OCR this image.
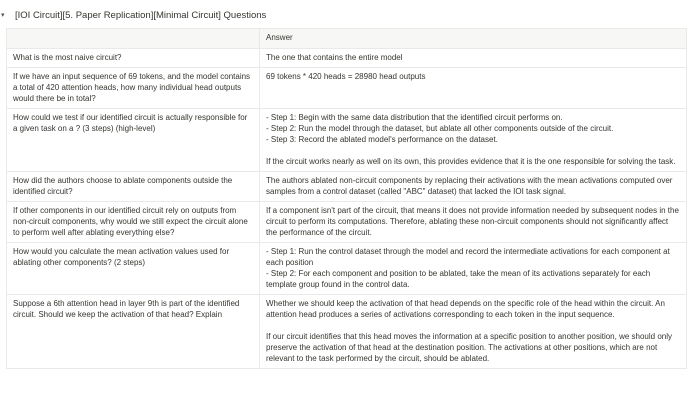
▾	[IOI Circuit][5. Paper Replication][Minimal Circuit] Questions
	Answer
What is the most naive circuit?	The one that contains the entire model

If we have an input sequence of 69 tokens, and the model contains a total of 420 attention heads, how many individual head outputs would there be in total?	69 tokens * 420 heads = 28980 head outputs

How could we test if our identified circuit is actually responsible for a given task on a ? (3 steps) (high-level)	- Step 1: Begin with the same data distribution that the identified circuit performs on.
- Step 2: Run the model through the dataset, but ablate all other components outside of the circuit.
- Step 3: Record the ablated model's performance on the dataset.
If the circuit works nearly as well on its own, this provides evidence that it is the one responsible for solving the task.

How did the authors choose to ablate components outside the identified circuit?	The authors ablated non-circuit components by replacing their activations with the mean activations computed over samples from a control dataset (called "ABC" dataset) that lacked the IOI task signal.

If other components in our identified circuit rely on outputs from non-circuit components, why would we still expect the circuit alone to perform well after ablating everything else?	If a component isn't part of the circuit, that means it does not provide information needed by subsequent nodes in the circuit to perform its computations. Therefore, ablating these non-circuit components should not significantly affect the performance of the circuit.

How would you calculate the mean activation values used for ablating other components? (2 steps)	- Step 1: Run the control dataset through the model and record the intermediate activations for each component at each position
- Step 2: For each component and position to be ablated, take the mean of its activations separately for each template group found in the control data.

Suppose a 6th attention head in layer 9th is part of the identified circuit. Should we keep the activation of that head? Explain	Whether we should keep the activation of that head depends on the specific role of the head within the circuit. An attention head produces a series of activations corresponding to each token in the input sequence.
If our circuit identifies that this head moves the information at a specific position to another position, we should only preserve the activation of that head at the destination position. The activations at other positions, which are not relevant to the task performed by the circuit, should be ablated.
